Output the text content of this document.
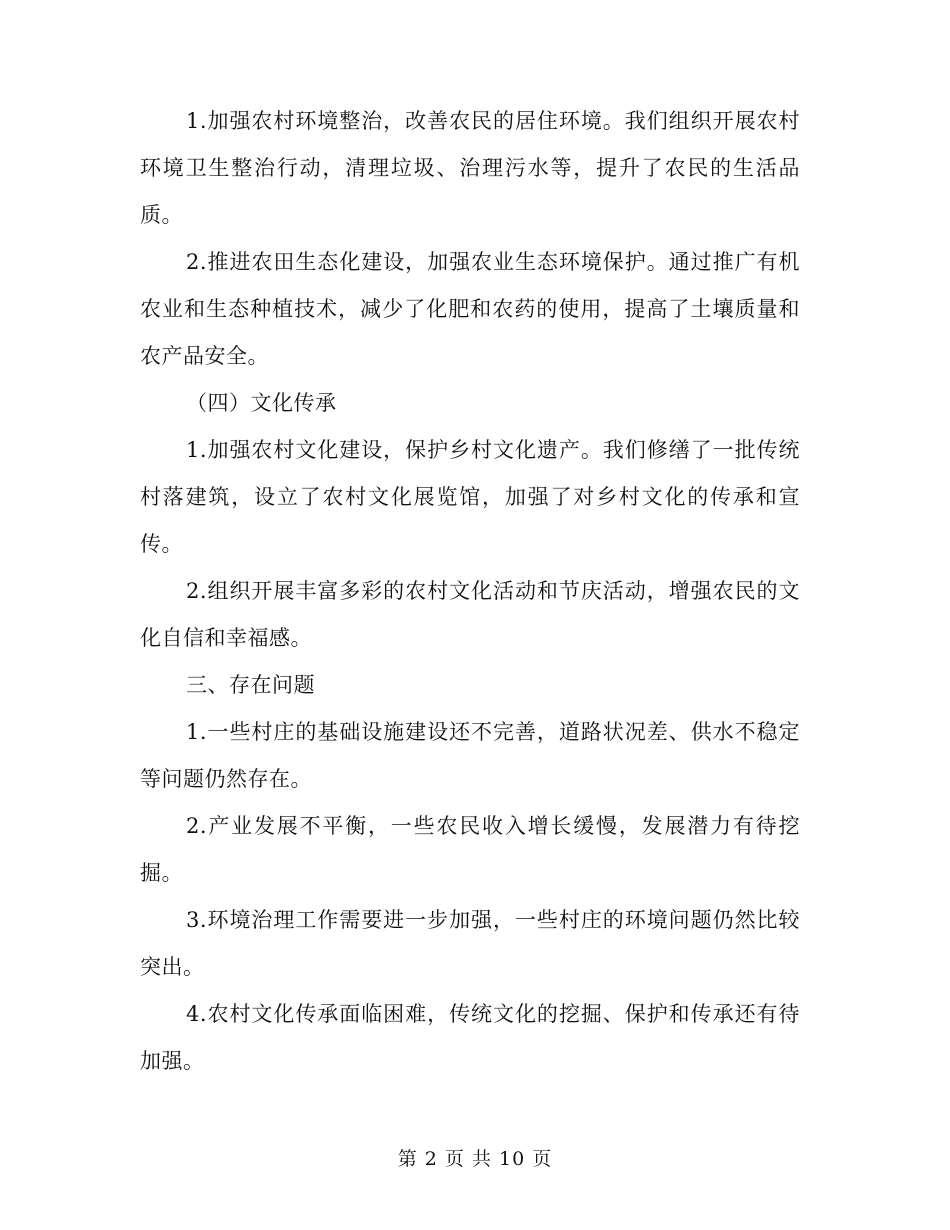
1.加强农村环境整治，改善农民的居住环境。我们组织开展农村环境卫生整治行动，清理垃圾、治理污水等，提升了农民的生活品质。

2.推进农田生态化建设，加强农业生态环境保护。通过推广有机农业和生态种植技术，减少了化肥和农药的使用，提高了土壤质量和农产品安全。

（四）文化传承

1.加强农村文化建设，保护乡村文化遗产。我们修缮了一批传统村落建筑，设立了农村文化展览馆，加强了对乡村文化的传承和宣传。

2.组织开展丰富多彩的农村文化活动和节庆活动，增强农民的文化自信和幸福感。

三、存在问题

1.一些村庄的基础设施建设还不完善，道路状况差、供水不稳定等问题仍然存在。

2.产业发展不平衡，一些农民收入增长缓慢，发展潜力有待挖掘。

3.环境治理工作需要进一步加强，一些村庄的环境问题仍然比较突出。

4.农村文化传承面临困难，传统文化的挖掘、保护和传承还有待加强。

第 2 页 共 10 页
